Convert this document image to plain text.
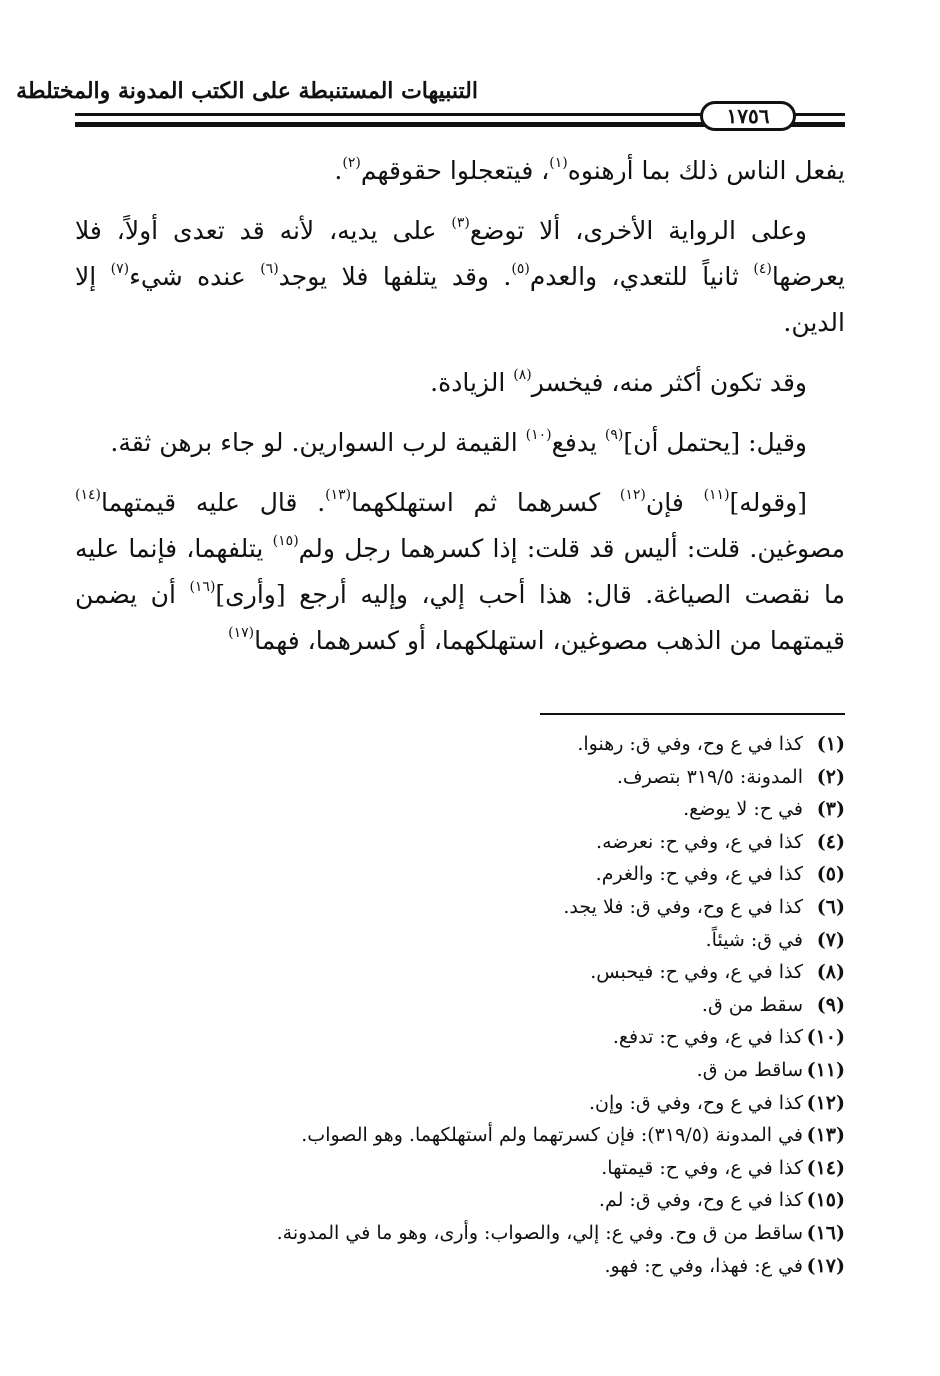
التنبيهات المستنبطة على الكتب المدونة والمختلطة
١٧٥٦

يفعل الناس ذلك بما أرهنوه$^{(١)}$، فيتعجلوا حقوقهم$^{(٢)}$.

وعلى الرواية الأخرى، ألا توضع$^{(٣)}$ على يديه، لأنه قد تعدى أولاً، فلا يعرضها$^{(٤)}$ ثانياً للتعدي، والعدم$^{(٥)}$. وقد يتلفها فلا يوجد$^{(٦)}$ عنده شيء$^{(٧)}$ إلا الدين.

وقد تكون أكثر منه، فيخسر$^{(٨)}$ الزيادة.

وقيل: [يحتمل أن]$^{(٩)}$ يدفع$^{(١٠)}$ القيمة لرب السوارين. لو جاء برهن ثقة.

[وقوله]$^{(١١)}$ فإن$^{(١٢)}$ كسرهما ثم استهلكهما$^{(١٣)}$. قال عليه قيمتهما$^{(١٤)}$ مصوغين. قلت: أليس قد قلت: إذا كسرهما رجل ولم$^{(١٥)}$ يتلفهما، فإنما عليه ما نقصت الصياغة. قال: هذا أحب إلي، وإليه أرجع [وأرى]$^{(١٦)}$ أن يضمن قيمتهما من الذهب مصوغين، استهلكهما، أو كسرهما، فهما$^{(١٧)}$

(١)كذا في ع وح، وفي ق: رهنوا.
(٢)المدونة: ٣١٩/٥ بتصرف.
(٣)في ح: لا يوضع.
(٤)كذا في ع، وفي ح: نعرضه.
(٥)كذا في ع، وفي ح: والغرم.
(٦)كذا في ع وح، وفي ق: فلا يجد.
(٧)في ق: شيئاً.
(٨)كذا في ع، وفي ح: فيحبس.
(٩)سقط من ق.
(١٠)كذا في ع، وفي ح: تدفع.
(١١)ساقط من ق.
(١٢)كذا في ع وح، وفي ق: وإن.
(١٣)في المدونة (٣١٩/٥): فإن كسرتهما ولم أستهلكهما. وهو الصواب.
(١٤)كذا في ع، وفي ح: قيمتها.
(١٥)كذا في ع وح، وفي ق: لم.
(١٦)ساقط من ق وح. وفي ع: إلي، والصواب: وأرى، وهو ما في المدونة.
(١٧)في ع: فهذا، وفي ح: فهو.
